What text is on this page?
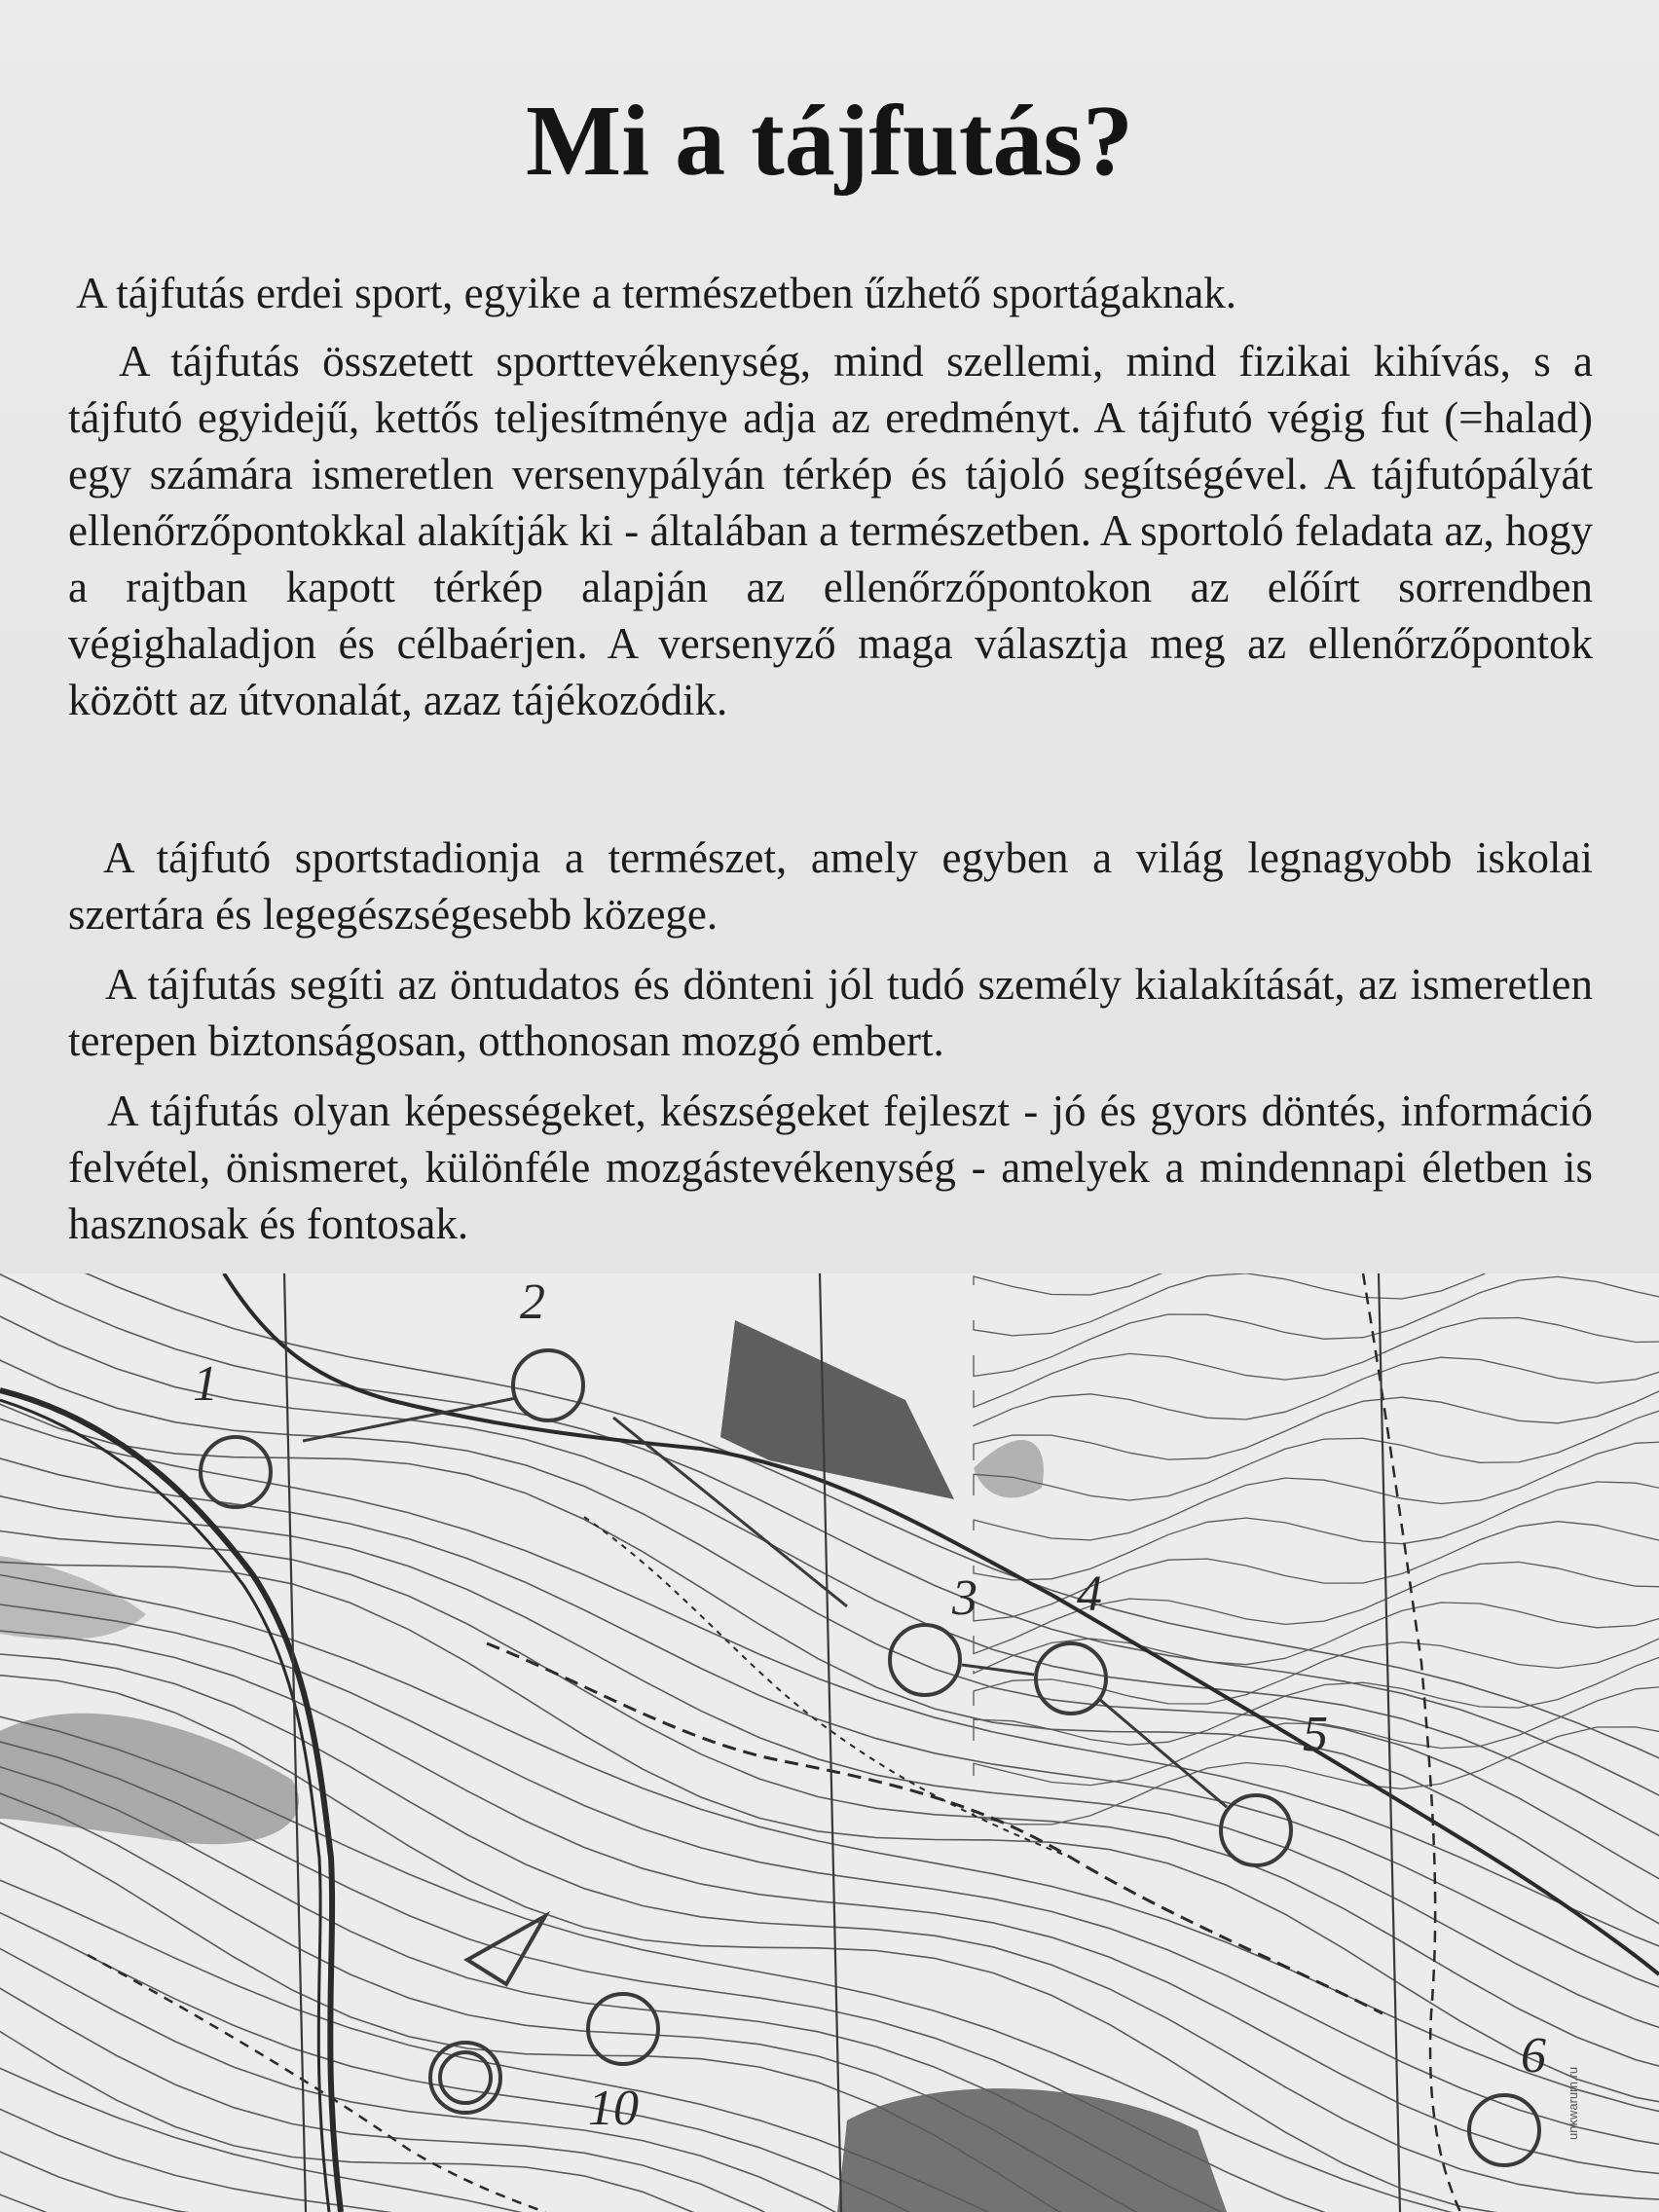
Mi a tájfutás?

A tájfutás erdei sport, egyike a természetben űzhető sportágaknak.

A tájfutás összetett sporttevékenység, mind szellemi, mind fizikai kihívás, s a tájfutó egyidejű, kettős teljesítménye adja az eredményt. A tájfutó végig fut (=halad) egy számára ismeretlen versenypályán térkép és tájoló segítségével. A tájfutópályát ellenőrzőpontokkal alakítják ki - általában a természetben. A sportoló feladata az, hogy a rajtban kapott térkép alapján az ellenőrzőpontokon az előírt sorrendben végighaladjon és célbaérjen. A versenyző maga választja meg az ellenőrzőpontok között az útvonalát, azaz tájékozódik.

A tájfutó sportstadionja a természet, amely egyben a világ legnagyobb iskolai szertára és legegészségesebb közege.

A tájfutás segíti az öntudatos és dönteni jól tudó személy kialakítását, az ismeretlen terepen biztonságosan, otthonosan mozgó embert.

A tájfutás olyan képességeket, készségeket fejleszt - jó és gyors döntés, információ felvétel, önismeret, különféle mozgástevékenység - amelyek a mindennapi életben is hasznosak és fontosak.

1
2
3 4
5
6
10	unkwarum.ru
